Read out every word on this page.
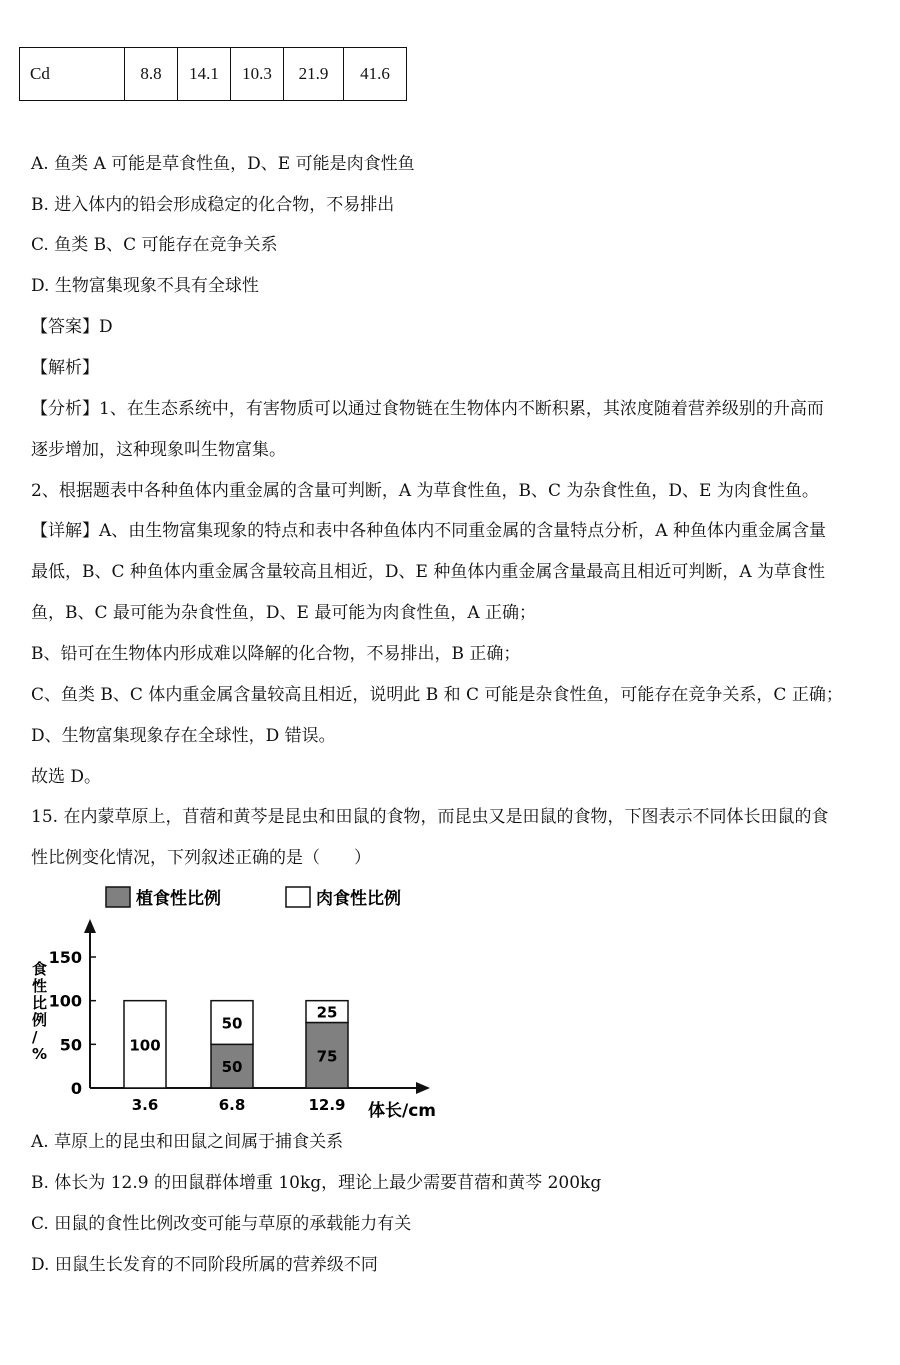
Cd	8.8	14.1	10.3	21.9	41.6
A. 鱼类 A 可能是草食性鱼，D、E 可能是肉食性鱼
B. 进入体内的铅会形成稳定的化合物，不易排出
C. 鱼类 B、C 可能存在竞争关系
D. 生物富集现象不具有全球性
【答案】D
【解析】
【分析】1、在生态系统中，有害物质可以通过食物链在生物体内不断积累，其浓度随着营养级别的升高而
逐步增加，这种现象叫生物富集。
2、根据题表中各种鱼体内重金属的含量可判断，A 为草食性鱼，B、C 为杂食性鱼，D、E 为肉食性鱼。
【详解】A、由生物富集现象的特点和表中各种鱼体内不同重金属的含量特点分析，A 种鱼体内重金属含量
最低，B、C 种鱼体内重金属含量较高且相近，D、E 种鱼体内重金属含量最高且相近可判断，A 为草食性
鱼，B、C 最可能为杂食性鱼，D、E 最可能为肉食性鱼，A 正确；
B、铅可在生物体内形成难以降解的化合物，不易排出，B 正确；
C、鱼类 B、C 体内重金属含量较高且相近，说明此 B 和 C 可能是杂食性鱼，可能存在竞争关系，C 正确；
D、生物富集现象存在全球性，D 错误。
故选 D。
15. 在内蒙草原上，苜蓿和黄芩是昆虫和田鼠的食物，而昆虫又是田鼠的食物，下图表示不同体长田鼠的食
性比例变化情况，下列叙述正确的是（　　）
植食性比例	肉食性比例
食性比例/ %
0
50
100
150
100
3.6
50
50
6.8
75
25
12.9 体长/cm
A. 草原上的昆虫和田鼠之间属于捕食关系
B. 体长为 12.9 的田鼠群体增重 10kg，理论上最少需要苜蓿和黄芩 200kg
C. 田鼠的食性比例改变可能与草原的承载能力有关
D. 田鼠生长发育的不同阶段所属的营养级不同
